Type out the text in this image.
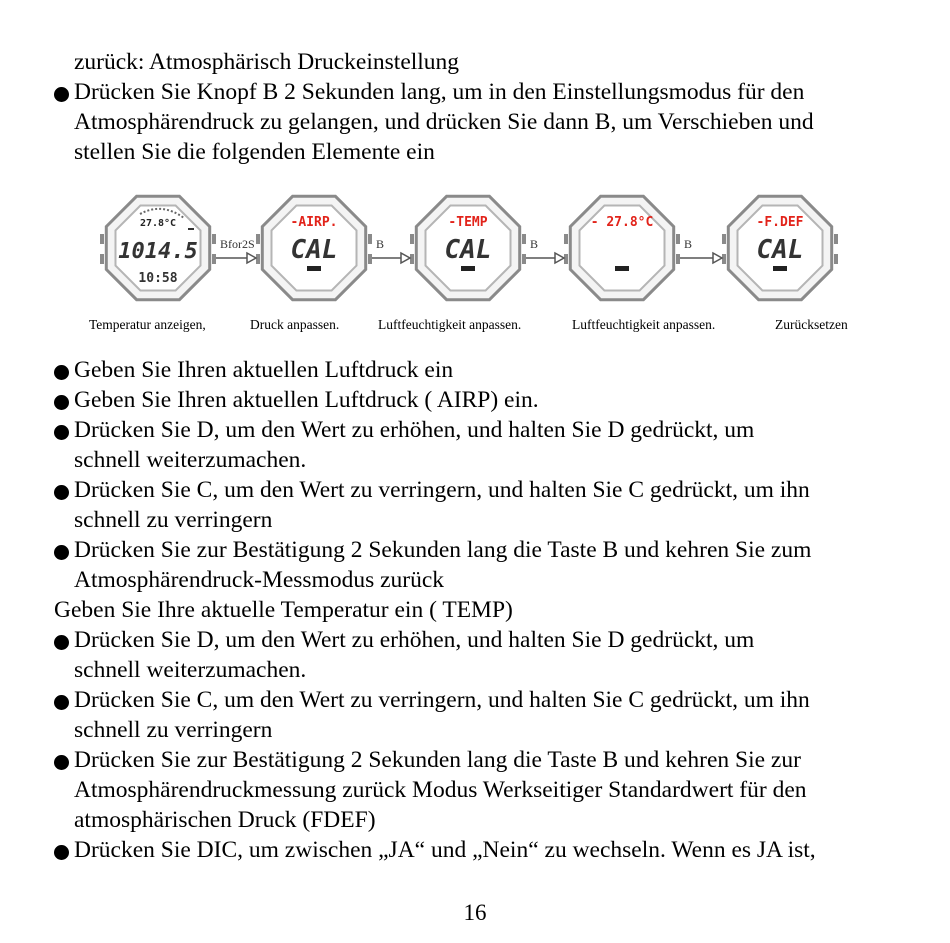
zurück: Atmosphärisch Druckeinstellung
Drücken Sie Knopf B 2 Sekunden lang, um in den Einstellungsmodus für den
Atmosphärendruck zu gelangen, und drücken Sie dann B, um Verschieben und
stellen Sie die folgenden Elemente ein
27.8°C
1014.5
10:58
-AIRP.
CAL
-TEMP
CAL
- 27.8°C	-F.DEF
CAL
Bfor2S	B	B	B
Temperatur anzeigen,	Druck anpassen.	Luftfeuchtigkeit anpassen.	Luftfeuchtigkeit anpassen.	Zurücksetzen
Geben Sie Ihren aktuellen Luftdruck ein
Geben Sie Ihren aktuellen Luftdruck ( AIRP) ein.
Drücken Sie D, um den Wert zu erhöhen, und halten Sie D gedrückt, um
schnell weiterzumachen.
Drücken Sie C, um den Wert zu verringern, und halten Sie C gedrückt, um ihn
schnell zu verringern
Drücken Sie zur Bestätigung 2 Sekunden lang die Taste B und kehren Sie zum
Atmosphärendruck-Messmodus zurück
Geben Sie Ihre aktuelle Temperatur ein ( TEMP)
Drücken Sie D, um den Wert zu erhöhen, und halten Sie D gedrückt, um
schnell weiterzumachen.
Drücken Sie C, um den Wert zu verringern, und halten Sie C gedrückt, um ihn
schnell zu verringern
Drücken Sie zur Bestätigung 2 Sekunden lang die Taste B und kehren Sie zur
Atmosphärendruckmessung zurück Modus Werkseitiger Standardwert für den
atmosphärischen Druck (FDEF)
Drücken Sie DIC, um zwischen „JA“ und „Nein“ zu wechseln. Wenn es JA ist,
16
